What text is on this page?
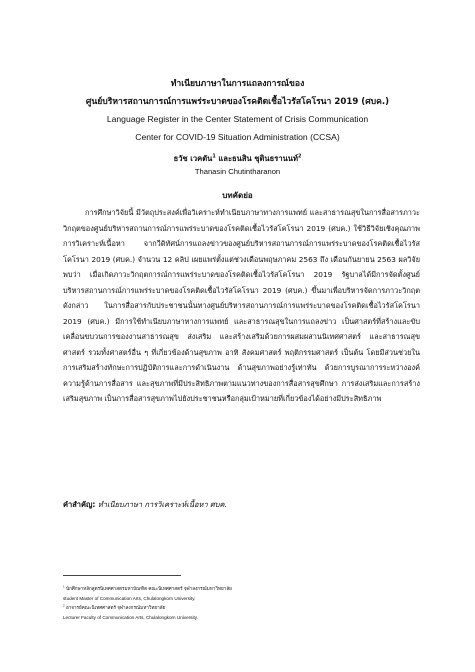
ทำเนียบภาษาในการแถลงการณ์ของ

ศูนย์บริหารสถานการณ์การแพร่ระบาดของโรคติดเชื้อไวรัสโคโรนา 2019 (ศบค.)

Language Register in the Center Statement of Crisis Communication

Center for COVID-19 Situation Administration (CCSA)

ธวัช เวคตัน$^1$ และธนสิน ชุตินธรานนท์$^2$
Thanasin Chutintharanon
บทคัดย่อ

การศึกษาวิจัยนี้ มีวัตถุประสงค์เพื่อวิเคราะห์ทำเนียบภาษาทางการแพทย์ และสาธารณสุขในการสื่อสารภาวะวิกฤตของศูนย์บริหารสถานการณ์การแพร่ระบาดของโรคติดเชื้อไวรัสโคโรนา 2019 (ศบค.) ใช้วิธีวิจัยเชิงคุณภาพ การวิเคราะห์เนื้อหา จากวีดิทัศน์การแถลงข่าวของศูนย์บริหารสถานการณ์การแพร่ระบาดของโรคติดเชื้อไวรัสโคโรนา 2019 (ศบค.) จำนวน 12 คลิป เผยแพร่ตั้งแต่ช่วงเดือนพฤษภาคม 2563 ถึง เดือนกันยายน 2563 ผลวิจัยพบว่า เมื่อเกิดภาวะวิกฤตการณ์การแพร่ระบาดของโรคติดเชื้อไวรัสโคโรนา 2019 รัฐบาลได้มีการจัดตั้งศูนย์บริหารสถานการณ์การแพร่ระบาดของโรคติดเชื้อไวรัสโคโรนา 2019 (ศบค.) ขึ้นมาเพื่อบริหารจัดการภาวะวิกฤตดังกล่าว ในการสื่อสารกับประชาชนนั้นทางศูนย์บริหารสถานการณ์การแพร่ระบาดของโรคติดเชื้อไวรัสโคโรนา 2019 (ศบค.) มีการใช้ทำเนียบภาษาทางการแพทย์ และสาธารณสุขในการแถลงข่าว เป็นศาสตร์ที่สร้างและขับเคลื่อนขบวนการของงานสาธารณสุข ส่งเสริม และสร้างเสริมด้วยการผสมผสานนิเทศศาสตร์ และสาธารณสุขศาสตร์ รวมทั้งศาสตร์อื่น ๆ ที่เกี่ยวข้องด้านสุขภาพ อาทิ สังคมศาสตร์ พฤติกรรมศาสตร์ เป็นต้น โดยมีส่วนช่วยในการเสริมสร้างทักษะการปฏิบัติการและการดำเนินงาน ด้านสุขภาพอย่างรู้เท่าทัน ด้วยการบูรณาการระหว่างองค์ความรู้ด้านการสื่อสาร และสุขภาพที่มีประสิทธิภาพตามแนวทางของการสื่อสารสุขศึกษา การส่งเสริมและการสร้างเสริมสุขภาพ เป็นการสื่อสารสุขภาพไปยังประชาชนหรือกลุ่มเป้าหมายที่เกี่ยวข้องได้อย่างมีประสิทธิภาพ

คำสำคัญ: ทำเนียบภาษา การวิเคราะห์เนื้อหา ศบค.
$^1$ นักศึกษาหลักสูตรนิเทศศาสตรมหาบัณฑิต คณะนิเทศศาสตร์ จุฬาลงกรณ์มหาวิทยาลัย
student Master of Communication Arts, Chulalongkorn University.
$^2$ อาจารย์คณะนิเทศศาสตร์ จุฬาลงกรณ์มหาวิทยาลัย
Lecturer Faculty of Communication Arts, Chulalongkorn University.
